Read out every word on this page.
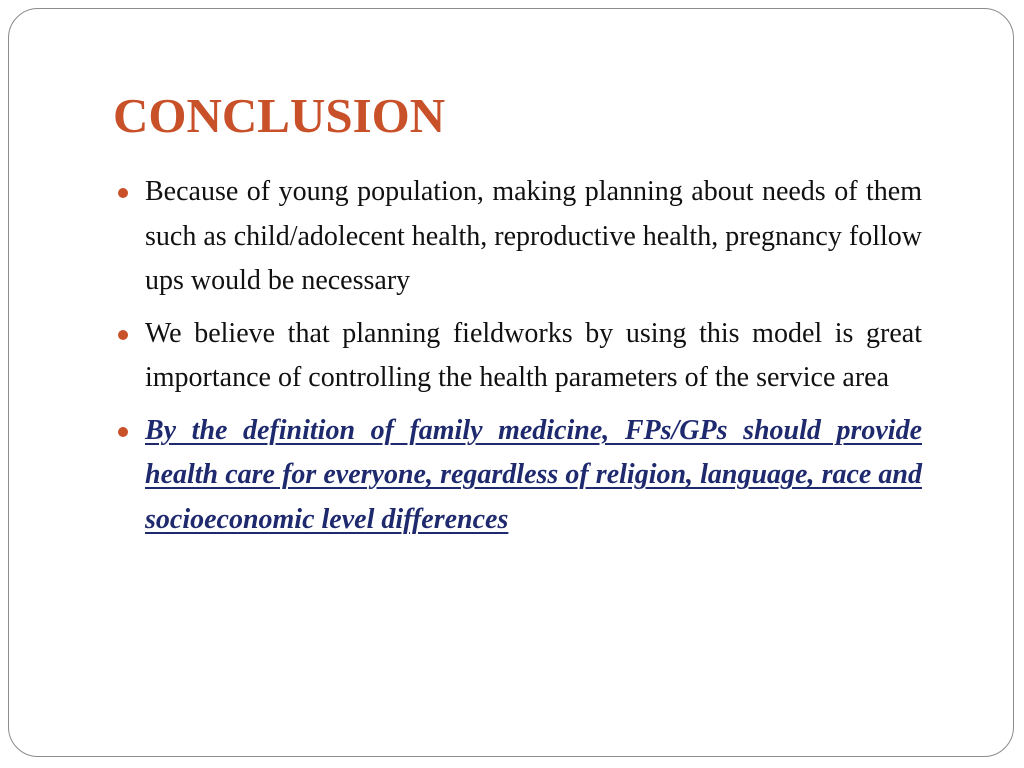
CONCLUSION
Because of young population, making planning about needs of them such as child/adolecent health, reproductive health, pregnancy follow ups would be necessary
We believe that planning fieldworks by using this model is great importance of controlling the health parameters of the service area
By the definition of family medicine, FPs/GPs should provide health care for everyone, regardless of religion, language, race and socioeconomic level differences
